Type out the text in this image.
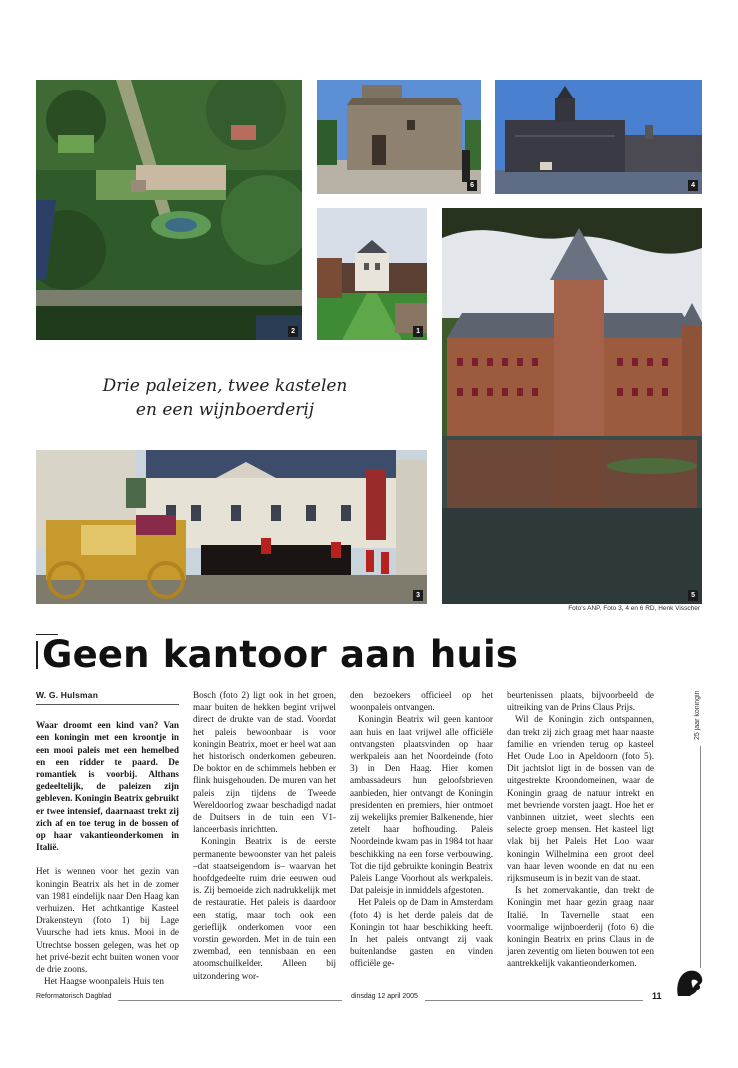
2
6	4
1
5
3
Drie paleizen, twee kastelen
en een wijnboerderij
Foto's ANP, Foto 3, 4 en 6 RD, Henk Visscher
Geen kantoor aan huis
W. G. Hulsman

Waar droomt een kind van? Van een koningin met een kroontje in een mooi paleis met een hemelbed en een ridder te paard. De romantiek is voorbij. Althans gedeeltelijk, de paleizen zijn gebleven. Koningin Beatrix gebruikt er twee intensief, daarnaast trekt zij zich af en toe terug in de bossen of op haar vakantieonderkomen in Italië.

Het is wennen voor het gezin van koningin Beatrix als het in de zomer van 1981 eindelijk naar Den Haag kan verhuizen. Het achtkantige Kasteel Drakensteyn (foto 1) bij Lage Vuursche had iets knus. Mooi in de Utrechtse bossen gelegen, was het op het privé-bezit echt buiten wonen voor de drie zoons.

Het Haagse woonpaleis Huis ten

Bosch (foto 2) ligt ook in het groen, maar buiten de hekken begint vrijwel direct de drukte van de stad. Voordat het paleis bewoonbaar is voor koningin Beatrix, moet er heel wat aan het historisch onderkomen gebeuren. De boktor en de schimmels hebben er flink huisgehouden. De muren van het paleis zijn tijdens de Tweede Wereldoorlog zwaar beschadigd nadat de Duitsers in de tuin een V1-lanceerbasis inrichtten.

Koningin Beatrix is de eerste permanente bewoonster van het paleis –dat staatseigendom is– waarvan het hoofdgedeelte ruim drie eeuwen oud is. Zij bemoeide zich nadrukkelijk met de restauratie. Het paleis is daardoor een statig, maar toch ook een gerieflijk onderkomen voor een vorstin geworden. Met in de tuin een zwembad, een tennisbaan en een atoomschuilkelder. Alleen bij uitzondering wor-

den bezoekers officieel op het woonpaleis ontvangen.

Koningin Beatrix wil geen kantoor aan huis en laat vrijwel alle officiële ontvangsten plaatsvinden op haar werkpaleis aan het Noordeinde (foto 3) in Den Haag. Hier komen ambassadeurs hun geloofsbrieven aanbieden, hier ontvangt de Koningin presidenten en premiers, hier ontmoet zij wekelijks premier Balkenende, hier zetelt haar hofhouding. Paleis Noordeinde kwam pas in 1984 tot haar beschikking na een forse verbouwing. Tot die tijd gebruikte koningin Beatrix Paleis Lange Voorhout als werkpaleis. Dat paleisje in inmiddels afgestoten.

Het Paleis op de Dam in Amsterdam (foto 4) is het derde paleis dat de Koningin tot haar beschikking heeft. In het paleis ontvangt zij vaak buitenlandse gasten en vinden officiële ge-

beurtenissen plaats, bijvoorbeeld de uitreiking van de Prins Claus Prijs.

Wil de Koningin zich ontspannen, dan trekt zij zich graag met haar naaste familie en vrienden terug op kasteel Het Oude Loo in Apeldoorn (foto 5). Dit jachtslot ligt in de bossen van de uitgestrekte Kroondomeinen, waar de Koningin graag de natuur intrekt en met bevriende vorsten jaagt. Hoe het er vanbinnen uitziet, weet slechts een selecte groep mensen. Het kasteel ligt vlak bij het Paleis Het Loo waar koningin Wilhelmina een groot deel van haar leven woonde en dat nu een rijksmuseum is in bezit van de staat.

Is het zomervakantie, dan trekt de Koningin met haar gezin graag naar Italië. In Tavernelle staat een voormalige wijnboerderij (foto 6) die koningin Beatrix en prins Claus in de jaren zeventig om lieten bouwen tot een aantrekkelijk vakantieonderkomen.

25 jaar koningin
Reformatorisch Dagblad	dinsdag 12 april 2005	11
